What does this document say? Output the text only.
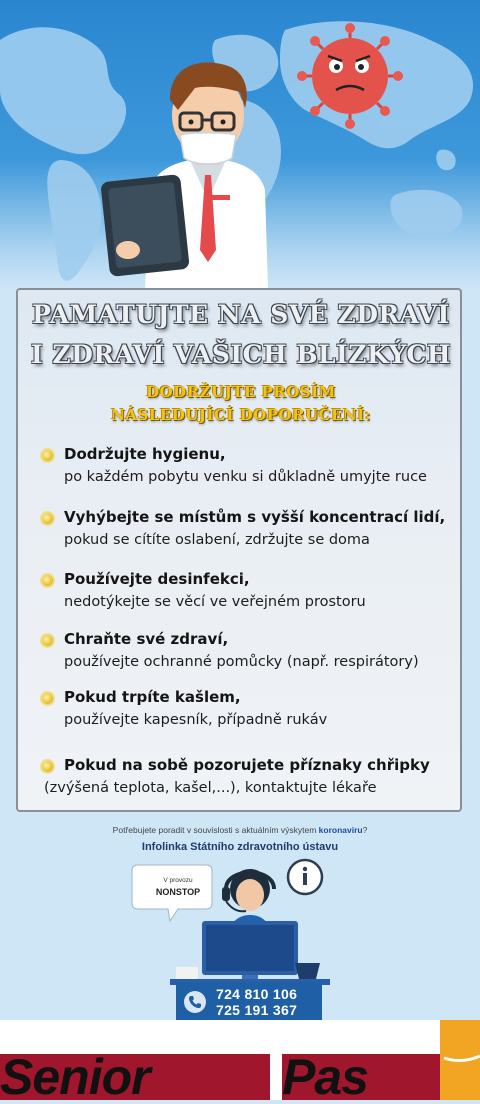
PAMATUJTE NA SVÉ ZDRAVÍ
I ZDRAVÍ VAŠICH BLÍZKÝCH
DODRŽUJTE PROSÍM
NÁSLEDUJÍCÍ DOPORUČENÍ:
Dodržujte hygienu,
po každém pobytu venku si důkladně umyjte ruce
Vyhýbejte se místům s vyšší koncentrací lidí,
pokud se cítíte oslabení, zdržujte se doma
Používejte desinfekci,
nedotýkejte se věcí ve veřejném prostoru
Chraňte své zdraví,
používejte ochranné pomůcky (např. respirátory)
Pokud trpíte kašlem,
používejte kapesník, případně rukáv
Pokud na sobě pozorujete příznaky chřipky
(zvýšená teplota, kašel,...), kontaktujte lékaře
Potřebujete poradit v souvislosti s aktuálním výskytem koronaviru?
Infolinka Státního zdravotního ústavu
V provozu
NONSTOP
724 810 106
725 191 367
Senior	Pas
